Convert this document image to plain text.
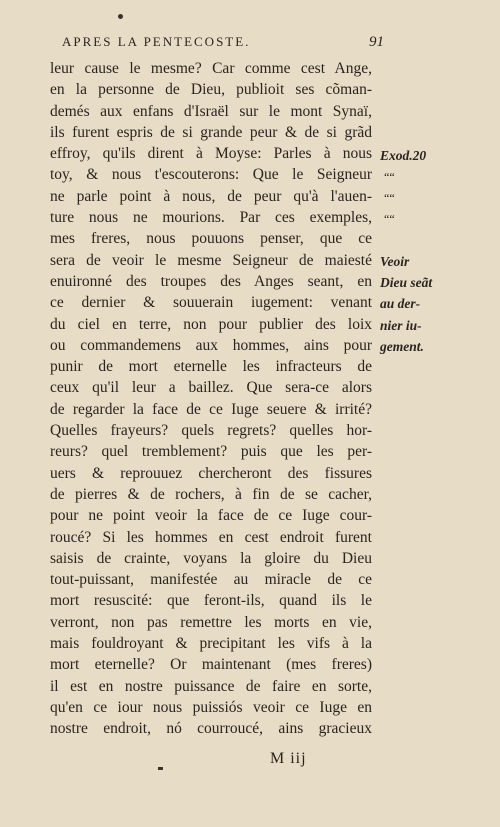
APRES LA PENTECOSTE.	91
leur cause le mesme? Car comme cest Ange,
en la personne de Dieu, publioit ses cõman-
demés aux enfans d'Israël sur le mont Synaï,
ils furent espris de si grande peur & de si grãd
effroy, qu'ils dirent à Moyse: Parles à nous
toy, & nous t'escouterons: Que le Seigneur
ne parle point à nous, de peur qu'à l'auen-
ture nous ne mourions. Par ces exemples,
mes freres, nous pouuons penser, que ce
sera de veoir le mesme Seigneur de maiesté
enuironné des troupes des Anges seant, en
ce dernier & souuerain iugement: venant
du ciel en terre, non pour publier des loix
ou commandemens aux hommes, ains pour
punir de mort eternelle les infracteurs de
ceux qu'il leur a baillez. Que sera-ce alors
de regarder la face de ce Iuge seuere & irrité?
Quelles frayeurs? quels regrets? quelles hor-
reurs? quel tremblement? puis que les per-
uers & reprouuez chercheront des fissures
de pierres & de rochers, à fin de se cacher,
pour ne point veoir la face de ce Iuge cour-
roucé? Si les hommes en cest endroit furent
saisis de crainte, voyans la gloire du Dieu
tout-puissant, manifestée au miracle de ce
mort resuscité: que feront-ils, quand ils le
verront, non pas remettre les morts en vie,
mais fouldroyant & precipitant les vifs à la
mort eternelle? Or maintenant (mes freres)
il est en nostre puissance de faire en sorte,
qu'en ce iour nous puissiós veoir ce Iuge en
nostre endroit, nó courroucé, ains gracieux
Exod.20
““
““
““
Veoir
Dieu seãt
au der-
nier iu-
gement.
M iij
